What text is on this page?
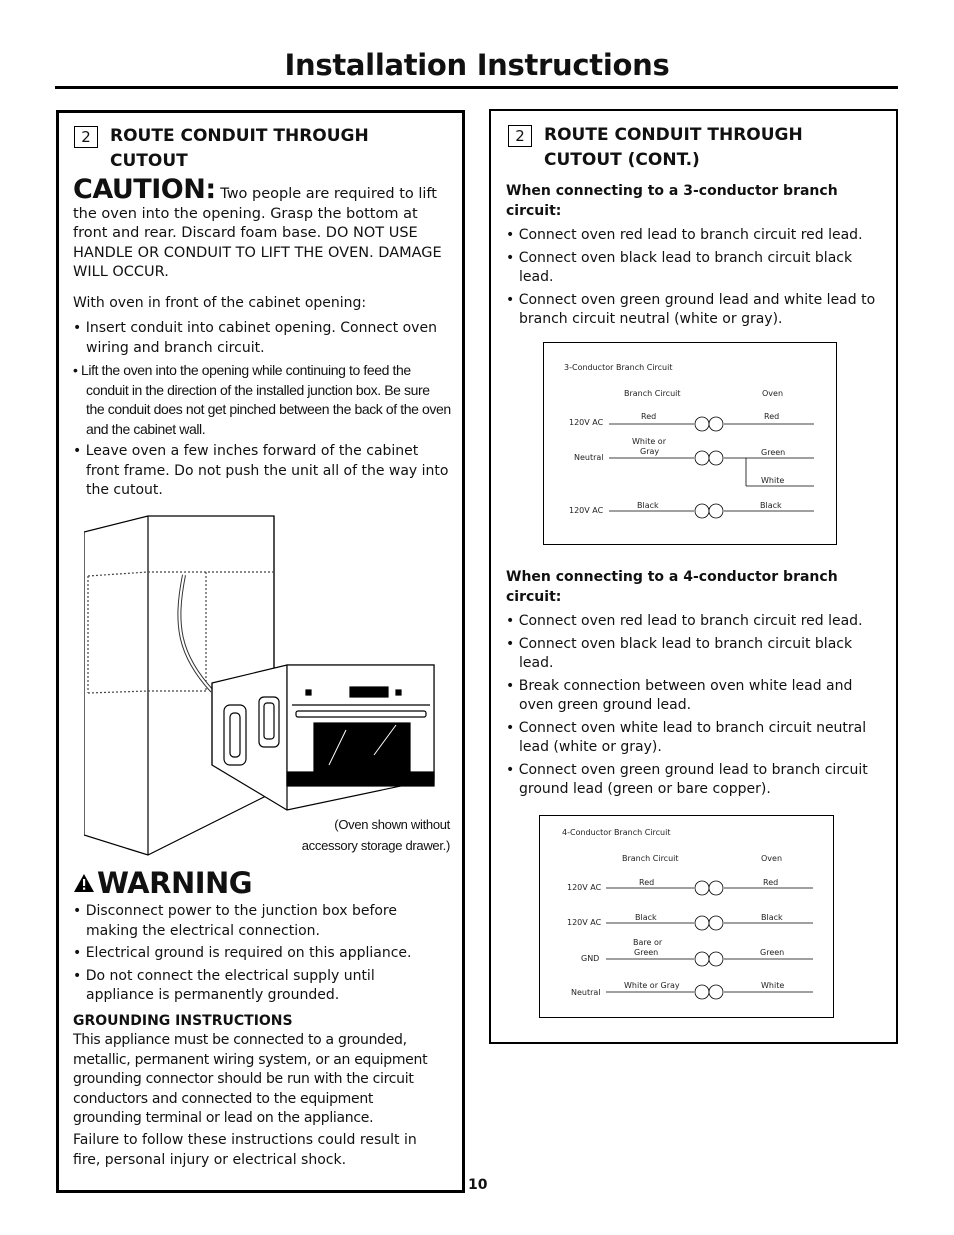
Installation Instructions
2	ROUTE CONDUIT THROUGH
CUTOUT
CAUTION: Two people are required to lift the oven into the opening. Grasp the bottom at front and rear. Discard foam base. DO NOT USE HANDLE OR CONDUIT TO LIFT THE OVEN. DAMAGE WILL OCCUR.
With oven in front of the cabinet opening:
• Insert conduit into cabinet opening. Connect oven wiring and branch circuit.
• Lift the oven into the opening while continuing to feed the conduit in the direction of the installed junction box. Be sure the conduit does not get pinched between the back of the oven and the cabinet wall.
• Leave oven a few inches forward of the cabinet front frame. Do not push the unit all of the way into the cutout.
(Oven shown without
accessory storage drawer.)
WARNING
• Disconnect power to the junction box before making the electrical connection.
• Electrical ground is required on this appliance.
• Do not connect the electrical supply until appliance is permanently grounded.
GROUNDING INSTRUCTIONS
This appliance must be connected to a grounded, metallic, permanent wiring system, or an equipment grounding connector should be run with the circuit conductors and connected to the equipment grounding terminal or lead on the appliance.
Failure to follow these instructions could result in fire, personal injury or electrical shock.
2	ROUTE CONDUIT THROUGH
CUTOUT (CONT.)
When connecting to a 3-conductor branch circuit:
• Connect oven red lead to branch circuit red lead.
• Connect oven black lead to branch circuit black lead.
• Connect oven green ground lead and white lead to branch circuit neutral (white or gray).
3-Conductor Branch Circuit
Branch Circuit	Oven
120V AC
Red	Red
Neutral
White or
Gray	Green
White
120V AC
Black	Black
When connecting to a 4-conductor branch circuit:
• Connect oven red lead to branch circuit red lead.
• Connect oven black lead to branch circuit black lead.
• Break connection between oven white lead and oven green ground lead.
• Connect oven white lead to branch circuit neutral lead (white or gray).
• Connect oven green ground lead to branch circuit ground lead (green or bare copper).
4-Conductor Branch Circuit
Branch Circuit	Oven
120V AC
Red	Red
120V AC
Black	Black
GND
Bare or
Green	Green
Neutral
White or Gray	White
10
